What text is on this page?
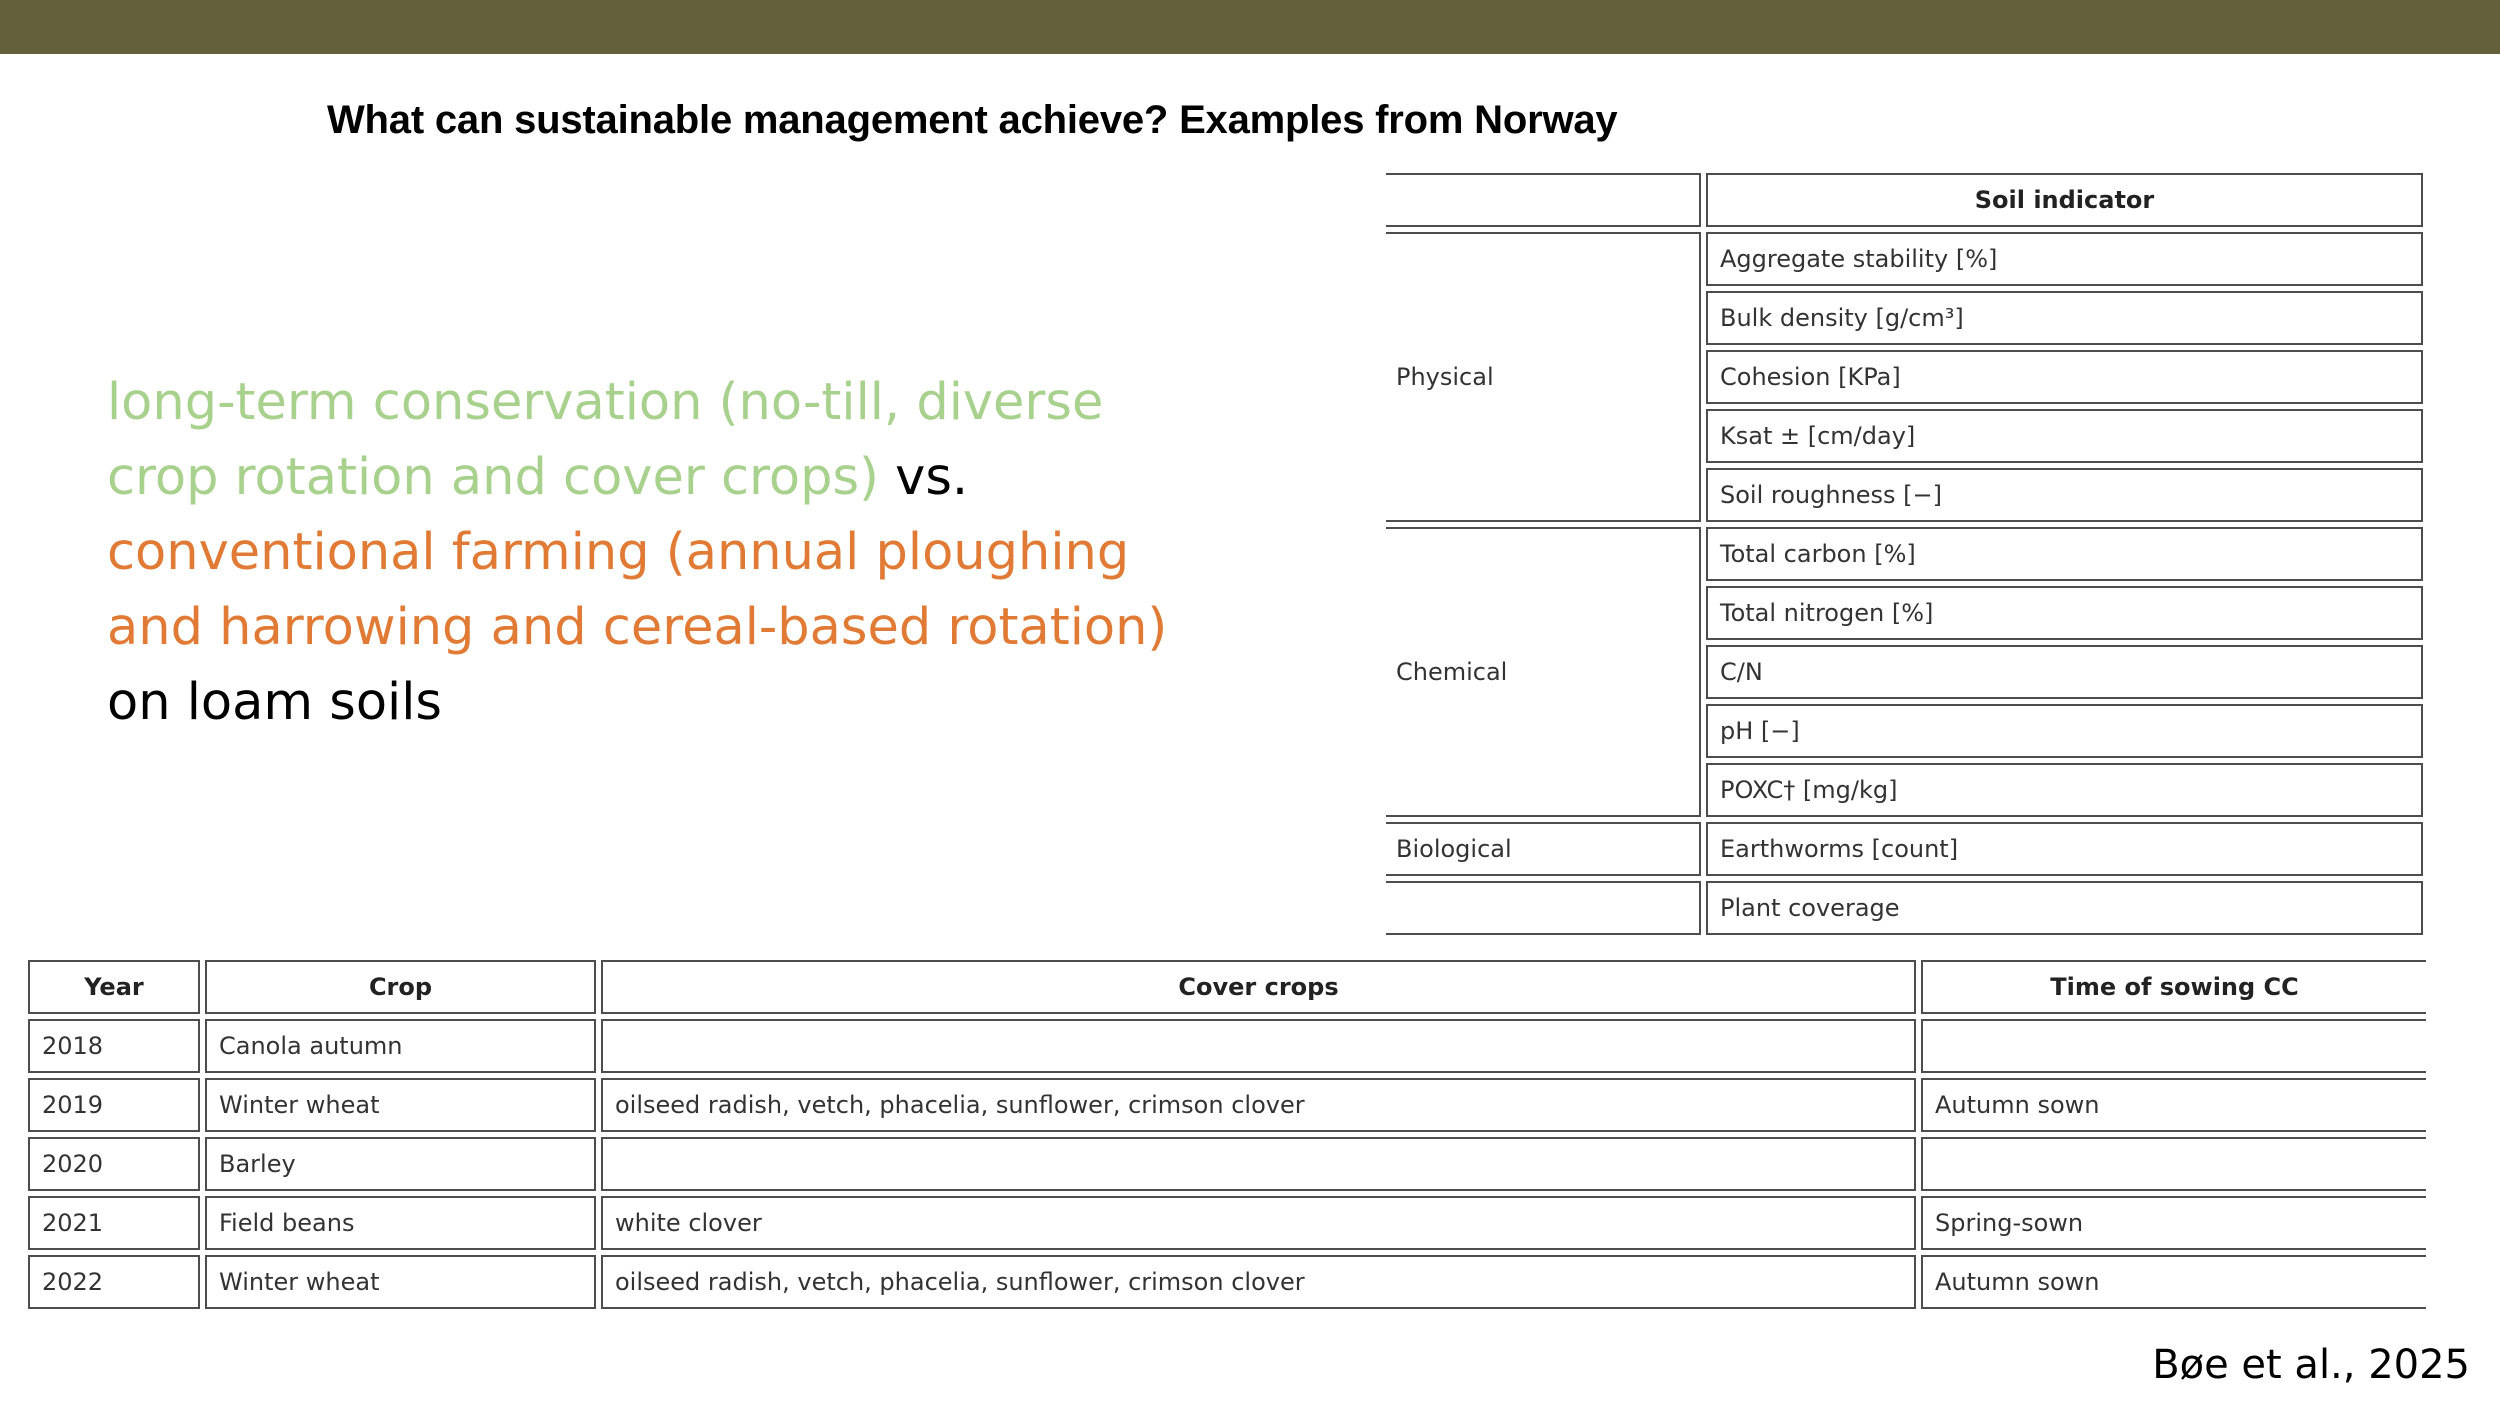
What can sustainable management achieve? Examples from Norway
long-term conservation (no-till, diverse crop rotation and cover crops) vs.
conventional farming (annual ploughing and harrowing and cereal-based rotation)
on loam soils
	Soil indicator
Physical	Aggregate stability [%]
	Bulk density [g/cm³]
	Cohesion [KPa]
	Ksat ± [cm/day]
	Soil roughness [−]
Chemical	Total carbon [%]
	Total nitrogen [%]
	C/N
	pH [−]
	POXC† [mg/kg]
Biological	Earthworms [count]
	Plant coverage
Year	Crop	Cover crops	Time of sowing CC
2018	Canola autumn		
2019	Winter wheat	oilseed radish, vetch, phacelia, sunflower, crimson clover	Autumn sown
2020	Barley		
2021	Field beans	white clover	Spring-sown
2022	Winter wheat	oilseed radish, vetch, phacelia, sunflower, crimson clover	Autumn sown
Bøe et al., 2025
